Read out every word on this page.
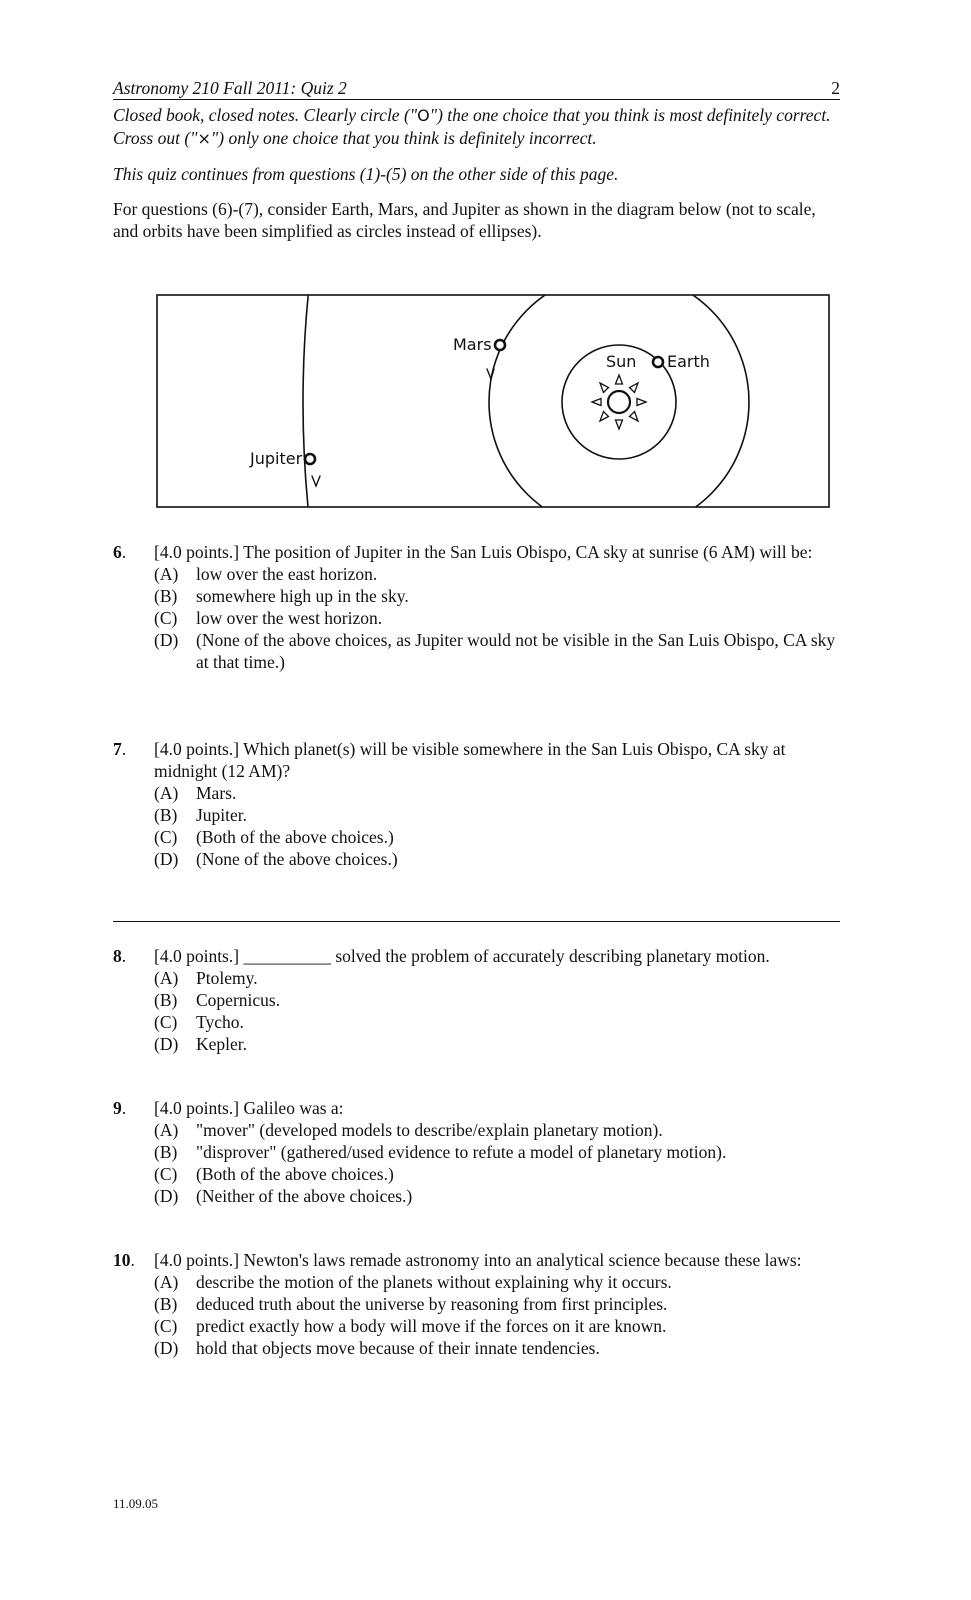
Astronomy 210 Fall 2011: Quiz 2	2
Closed book, closed notes. Clearly circle ("O") the one choice that you think is most definitely correct. Cross out ("×") only one choice that you think is definitely incorrect.
This quiz continues from questions (1)-(5) on the other side of this page.
For questions (6)-(7), consider Earth, Mars, and Jupiter as shown in the diagram below (not to scale, and orbits have been simplified as circles instead of ellipses).
Mars
Sun Earth
Jupiter
6.	[4.0 points.] The position of Jupiter in the San Luis Obispo, CA sky at sunrise (6 AM) will be:
(A)	low over the east horizon.
(B)	somewhere high up in the sky.
(C)	low over the west horizon.
(D)	(None of the above choices, as Jupiter would not be visible in the San Luis Obispo, CA sky at that time.)
7.	[4.0 points.] Which planet(s) will be visible somewhere in the San Luis Obispo, CA sky at midnight (12 AM)?
(A)	Mars.
(B)	Jupiter.
(C)	(Both of the above choices.)
(D)	(None of the above choices.)
8.	[4.0 points.] __________ solved the problem of accurately describing planetary motion.
(A)	Ptolemy.
(B)	Copernicus.
(C)	Tycho.
(D)	Kepler.
9.	[4.0 points.] Galileo was a:
(A)	"mover" (developed models to describe/explain planetary motion).
(B)	"disprover" (gathered/used evidence to refute a model of planetary motion).
(C)	(Both of the above choices.)
(D)	(Neither of the above choices.)
10.	[4.0 points.] Newton's laws remade astronomy into an analytical science because these laws:
(A)	describe the motion of the planets without explaining why it occurs.
(B)	deduced truth about the universe by reasoning from first principles.
(C)	predict exactly how a body will move if the forces on it are known.
(D)	hold that objects move because of their innate tendencies.
11.09.05
